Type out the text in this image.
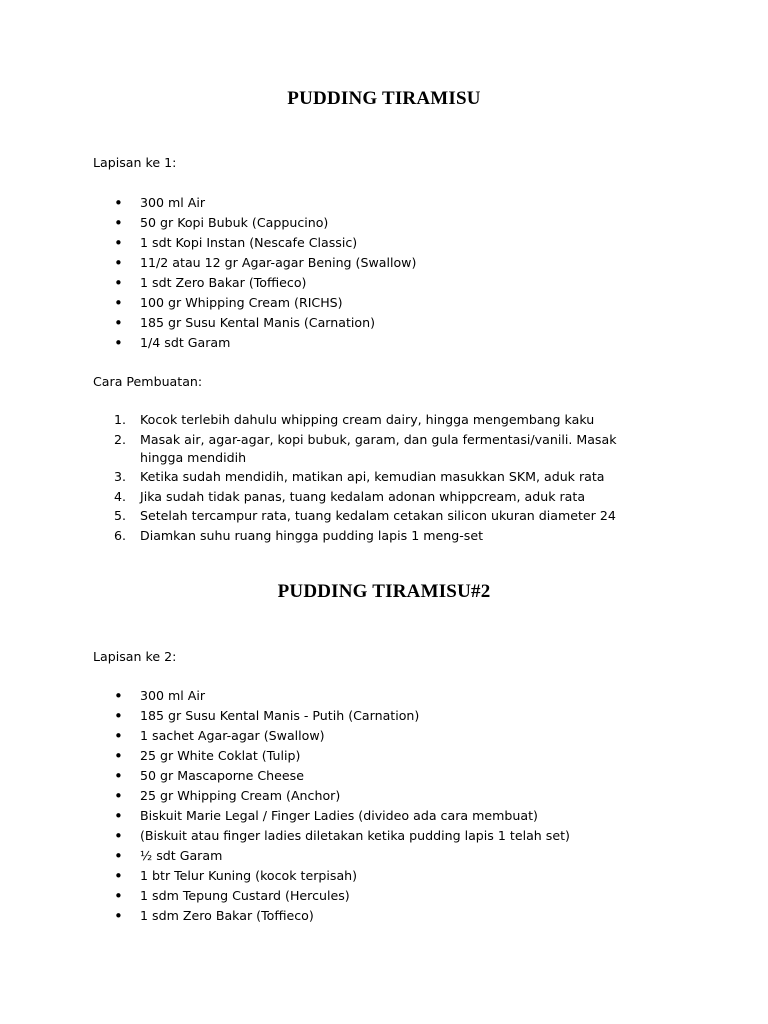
PUDDING TIRAMISU

Lapisan ke 1:

• 300 ml Air
• 50 gr Kopi Bubuk (Cappucino)
• 1 sdt Kopi Instan (Nescafe Classic)
• 11/2 atau 12 gr Agar-agar Bening (Swallow)
• 1 sdt Zero Bakar (Toffieco)
• 100 gr Whipping Cream (RICHS)
• 185 gr Susu Kental Manis (Carnation)
• 1/4 sdt Garam

Cara Pembuatan:

1. Kocok terlebih dahulu whipping cream dairy, hingga mengembang kaku
2. Masak air, agar-agar, kopi bubuk, garam, dan gula fermentasi/vanili. Masak hingga mendidih
3. Ketika sudah mendidih, matikan api, kemudian masukkan SKM, aduk rata
4. Jika sudah tidak panas, tuang kedalam adonan whippcream, aduk rata
5. Setelah tercampur rata, tuang kedalam cetakan silicon ukuran diameter 24
6. Diamkan suhu ruang hingga pudding lapis 1 meng-set
PUDDING TIRAMISU#2

Lapisan ke 2:

• 300 ml Air
• 185 gr Susu Kental Manis - Putih (Carnation)
• 1 sachet Agar-agar (Swallow)
• 25 gr White Coklat (Tulip)
• 50 gr Mascaporne Cheese
• 25 gr Whipping Cream (Anchor)
• Biskuit Marie Legal / Finger Ladies (divideo ada cara membuat)
• (Biskuit atau finger ladies diletakan ketika pudding lapis 1 telah set)
• ½ sdt Garam
• 1 btr Telur Kuning (kocok terpisah)
• 1 sdm Tepung Custard (Hercules)
• 1 sdm Zero Bakar (Toffieco)
